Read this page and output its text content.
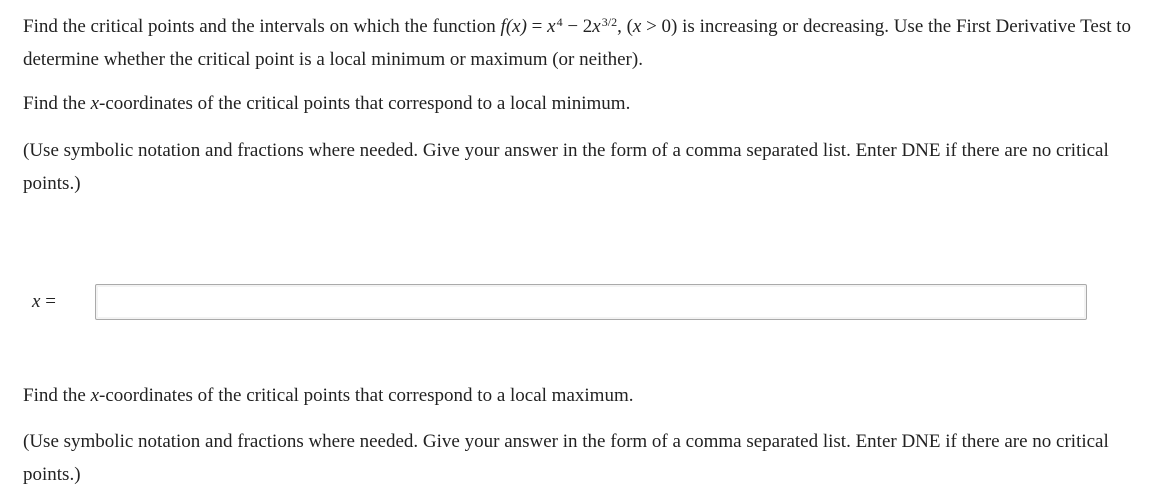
Find the critical points and the intervals on which the function $f(x) = x^4 - 2x^{3/2}$, (x > 0) is increasing or decreasing. Use the First Derivative Test to determine whether the critical point is a local minimum or maximum (or neither).

Find the x-coordinates of the critical points that correspond to a local minimum.

(Use symbolic notation and fractions where needed. Give your answer in the form of a comma separated list. Enter DNE if there are no critical points.)

x =

Find the x-coordinates of the critical points that correspond to a local maximum.

(Use symbolic notation and fractions where needed. Give your answer in the form of a comma separated list. Enter DNE if there are no critical points.)
